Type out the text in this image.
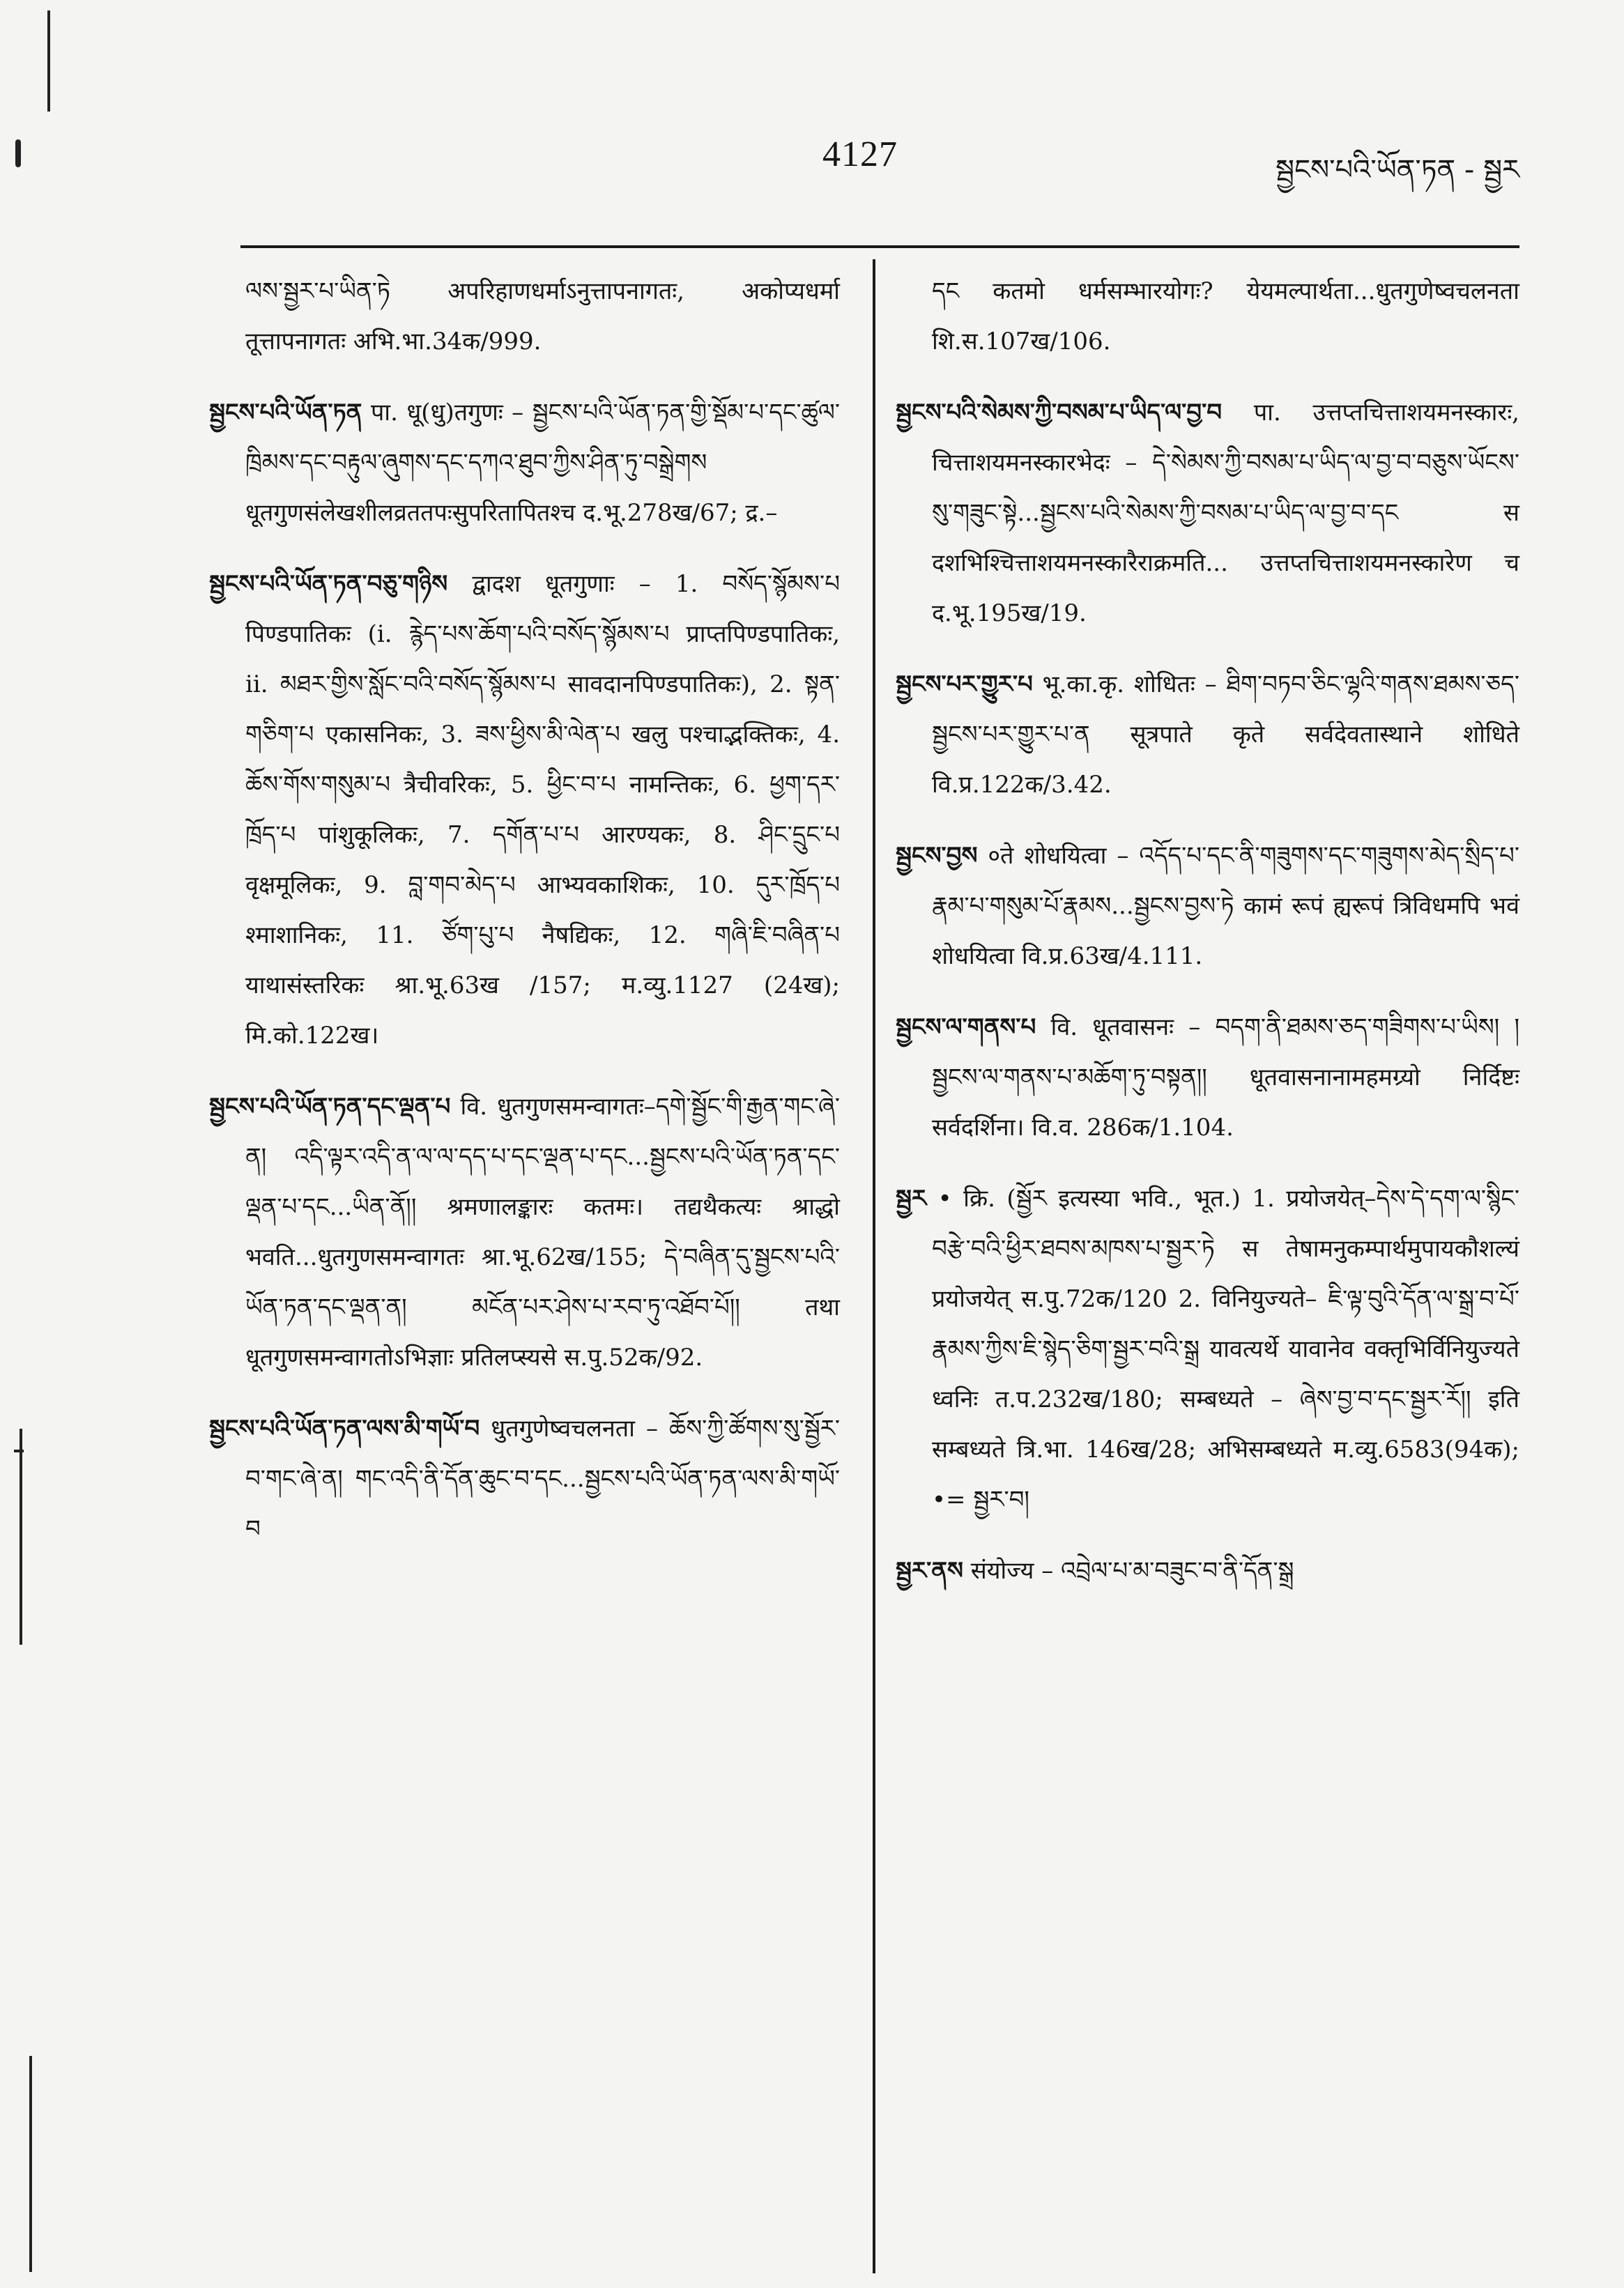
4127	སྦྱངས་པའི་ཡོན་ཏན - སྦྱར

ལས་སྦྱར་པ་ཡིན་ཏེ अपरिहाणधर्माऽनुत्तापनागतः, अकोप्यधर्मा तूत्तापनागतः अभि.भा.34क/999.

སྦྱངས་པའི་ཡོན་ཏན पा. धू(धु)तगुणः – སྦྱངས་པའི་ཡོན་ཏན་གྱི་སྡོམ་པ་དང་ཚུལ་ཁྲིམས་དང་བརྟུལ་ཞུགས་དང་དཀའ་ཐུབ་ཀྱིས་ཤིན་ཏུ་བསྒྲེགས धूतगुणसंलेखशीलव्रततपःसुपरितापितश्च द.भू.278ख/67; द्र.–

སྦྱངས་པའི་ཡོན་ཏན་བཅུ་གཉིས द्वादश धूतगुणाः – 1. བསོད་སྙོམས་པ पिण्डपातिकः (i. རྙེད་པས་ཆོག་པའི་བསོད་སྙོམས་པ प्राप्तपिण्डपातिकः, ii. མཐར་གྱིས་སློང་བའི་བསོད་སྙོམས་པ सावदानपिण्डपातिकः), 2. སྟན་གཅིག་པ एकासनिकः, 3. ཟས་ཕྱིས་མི་ལེན་པ खलु पश्चाद्भक्तिकः, 4. ཆོས་གོས་གསུམ་པ त्रैचीवरिकः, 5. ཕྱིང་བ་པ नामन्तिकः, 6. ཕྱག་དར་ཁྲོད་པ पांशुकूलिकः, 7. དགོན་པ་པ आरण्यकः, 8. ཤིང་དྲུང་པ वृक्षमूलिकः, 9. བླ་གབ་མེད་པ आभ्यवकाशिकः, 10. དུར་ཁྲོད་པ श्माशानिकः, 11. ཙོག་པུ་པ नैषद्यिकः, 12. གཞི་ཇི་བཞིན་པ याथासंस्तरिकः श्रा.भू.63ख /157; म.व्यु.1127 (24ख); मि.को.122ख।

སྦྱངས་པའི་ཡོན་ཏན་དང་ལྡན་པ वि. धुतगुणसमन्वागतः–དགེ་སྦྱོང་གི་རྒྱན་གང་ཞེ་ན། འདི་ལྟར་འདི་ན་ལ་ལ་དད་པ་དང་ལྡན་པ་དང...སྦྱངས་པའི་ཡོན་ཏན་དང་ལྡན་པ་དང...ཡིན་ནོ།། श्रमणालङ्कारः कतमः। तद्यथैकत्यः श्राद्धो भवति...धुतगुणसमन्वागतः श्रा.भू.62ख/155; དེ་བཞིན་དུ་སྦྱངས་པའི་ཡོན་ཏན་དང་ལྡན་ན། མངོན་པར་ཤེས་པ་རབ་ཏུ་འཐོབ་པོ།། तथा धूतगुणसमन्वागतोऽभिज्ञाः प्रतिलप्स्यसे स.पु.52क/92.

སྦྱངས་པའི་ཡོན་ཏན་ལས་མི་གཡོ་བ धुतगुणेष्वचलनता – ཆོས་ཀྱི་ཚོགས་སུ་སྦྱོར་བ་གང་ཞེ་ན། གང་འདི་ནི་དོན་ཆུང་བ་དང...སྦྱངས་པའི་ཡོན་ཏན་ལས་མི་གཡོ་བ

དང कतमो धर्मसम्भारयोगः? येयमल्पार्थता...धुतगुणेष्वचलनता शि.स.107ख/106.

སྦྱངས་པའི་སེམས་ཀྱི་བསམ་པ་ཡིད་ལ་བྱ་བ पा. उत्तप्तचित्ताशयमनस्कारः, चित्ताशयमनस्कारभेदः – དེ་སེམས་ཀྱི་བསམ་པ་ཡིད་ལ་བྱ་བ་བཅུས་ཡོངས་སུ་གཟུང་སྟེ...སྦྱངས་པའི་སེམས་ཀྱི་བསམ་པ་ཡིད་ལ་བྱ་བ་དང स दशभिश्चित्ताशयमनस्कारैराक्रमति... उत्तप्तचित्ताशयमनस्कारेण च द.भू.195ख/19.

སྦྱངས་པར་གྱུར་པ भू.का.कृ. शोधितः – ཐིག་བཏབ་ཅིང་ལྷའི་གནས་ཐམས་ཅད་སྦྱངས་པར་གྱུར་པ་ན सूत्रपाते कृते सर्वदेवतास्थाने शोधिते वि.प्र.122क/3.42.

སྦྱངས་བྱས ०ते शोधयित्वा – འདོད་པ་དང་ནི་གཟུགས་དང་གཟུགས་མེད་སྲིད་པ་རྣམ་པ་གསུམ་པོ་རྣམས...སྦྱངས་བྱས་ཏེ कामं रूपं ह्यरूपं त्रिविधमपि भवं शोधयित्वा वि.प्र.63ख/4.111.

སྦྱངས་ལ་གནས་པ वि. धूतवासनः – བདག་ནི་ཐམས་ཅད་གཟིགས་པ་ཡིས། །སྦྱངས་ལ་གནས་པ་མཆོག་ཏུ་བསྟན།། धूतवासनानामहमग्र्यो निर्दिष्टः सर्वदर्शिना। वि.व. 286क/1.104.

སྦྱར • क्रि. (སྦྱོར इत्यस्या भवि., भूत.) 1. प्रयोजयेत्–དེས་དེ་དག་ལ་སྙིང་བརྩེ་བའི་ཕྱིར་ཐབས་མཁས་པ་སྦྱར་ཏེ स तेषामनुकम्पार्थमुपायकौशल्यं प्रयोजयेत् स.पु.72क/120 2. विनियुज्यते– ཇི་ལྟ་བུའི་དོན་ལ་སྒྲ་བ་པོ་རྣམས་ཀྱིས་ཇི་སྙེད་ཅིག་སྦྱར་བའི་སྒྲ यावत्यर्थे यावानेव वक्तृभिर्विनियुज्यते ध्वनिः त.प.232ख/180; सम्बध्यते – ཞེས་བྱ་བ་དང་སྦྱར་རོ།། इति सम्बध्यते त्रि.भा. 146ख/28; अभिसम्बध्यते म.व्यु.6583(94क); •= སྦྱར་བ།

སྦྱར་ནས संयोज्य – འབྲེལ་པ་མ་བཟུང་བ་ནི་དོན་སྒྲ
